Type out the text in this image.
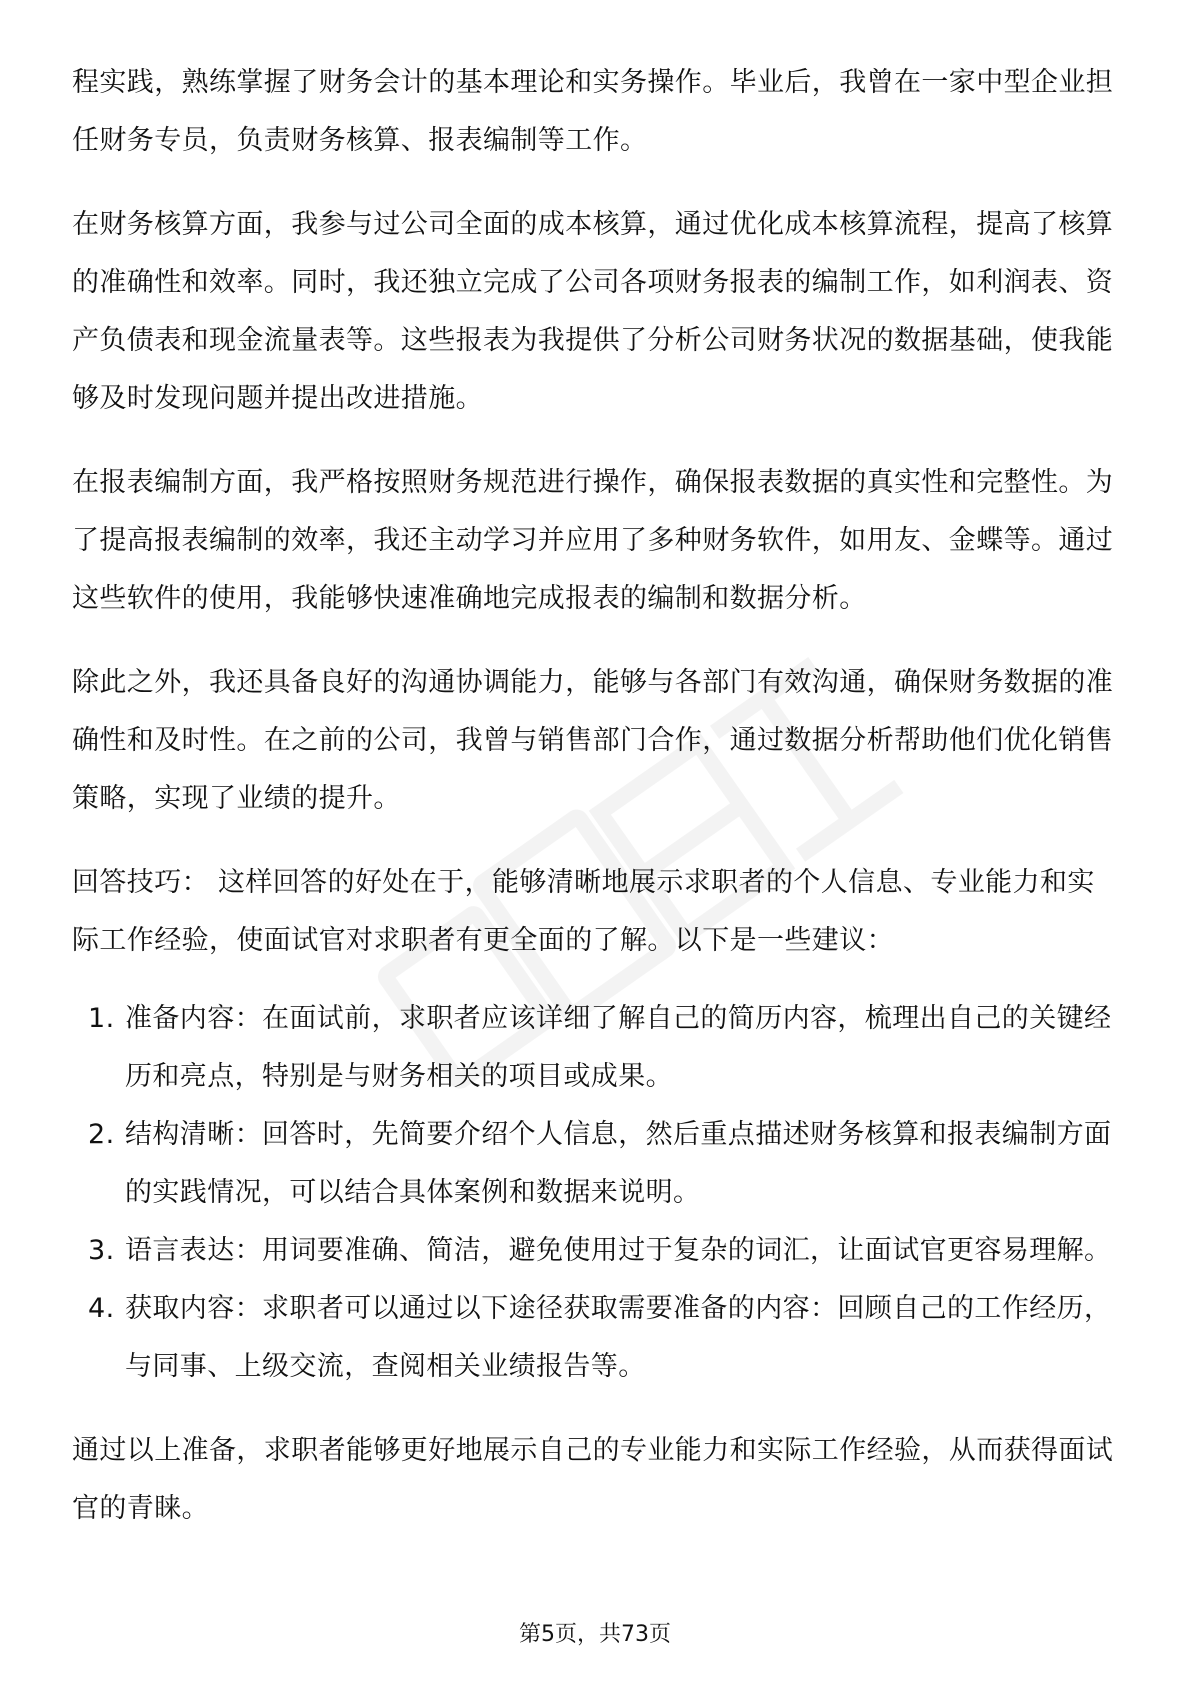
程实践，熟练掌握了财务会计的基本理论和实务操作。毕业后，我曾在一家中型企业担任财务专员，负责财务核算、报表编制等工作。

在财务核算方面，我参与过公司全面的成本核算，通过优化成本核算流程，提高了核算的准确性和效率。同时，我还独立完成了公司各项财务报表的编制工作，如利润表、资产负债表和现金流量表等。这些报表为我提供了分析公司财务状况的数据基础，使我能够及时发现问题并提出改进措施。

在报表编制方面，我严格按照财务规范进行操作，确保报表数据的真实性和完整性。为了提高报表编制的效率，我还主动学习并应用了多种财务软件，如用友、金蝶等。通过这些软件的使用，我能够快速准确地完成报表的编制和数据分析。

除此之外，我还具备良好的沟通协调能力，能够与各部门有效沟通，确保财务数据的准确性和及时性。在之前的公司，我曾与销售部门合作，通过数据分析帮助他们优化销售策略，实现了业绩的提升。

回答技巧： 这样回答的好处在于，能够清晰地展示求职者的个人信息、专业能力和实际工作经验，使面试官对求职者有更全面的了解。以下是一些建议：

1. 准备内容：在面试前，求职者应该详细了解自己的简历内容，梳理出自己的关键经历和亮点，特别是与财务相关的项目或成果。
2. 结构清晰：回答时，先简要介绍个人信息，然后重点描述财务核算和报表编制方面的实践情况，可以结合具体案例和数据来说明。
3. 语言表达：用词要准确、简洁，避免使用过于复杂的词汇，让面试官更容易理解。
4. 获取内容：求职者可以通过以下途径获取需要准备的内容：回顾自己的工作经历，与同事、上级交流，查阅相关业绩报告等。

通过以上准备，求职者能够更好地展示自己的专业能力和实际工作经验，从而获得面试官的青睐。

第5页，共73页
